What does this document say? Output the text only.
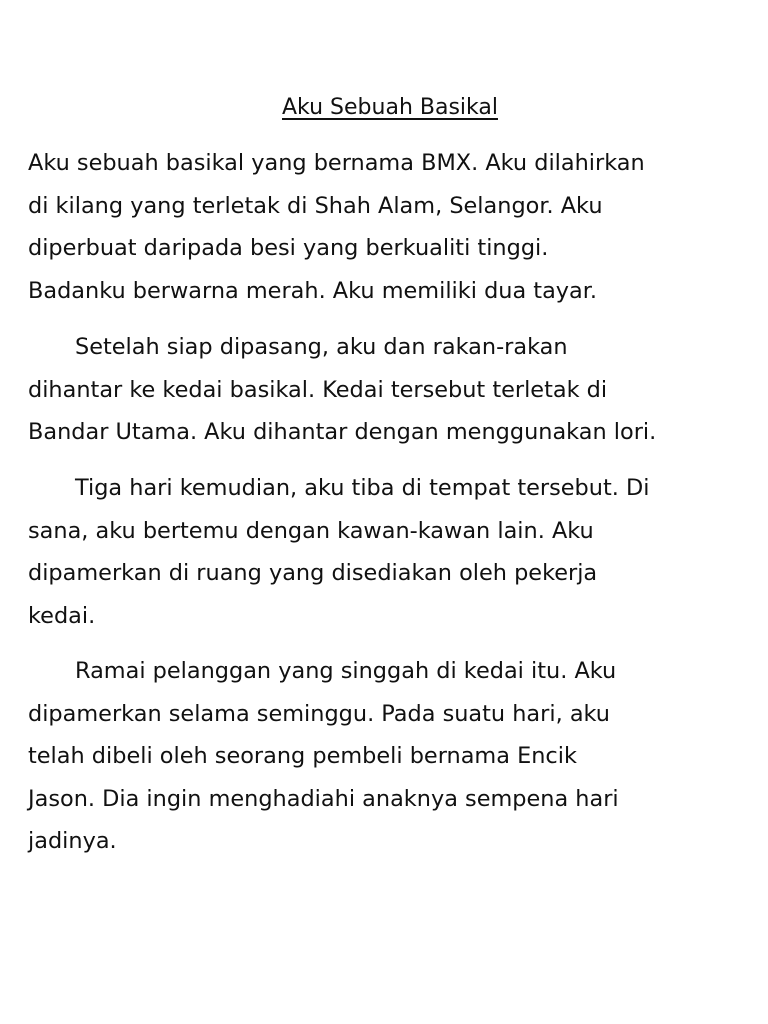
Aku Sebuah Basikal
Aku sebuah basikal yang bernama BMX. Aku dilahirkan
di kilang yang terletak di Shah Alam, Selangor. Aku
diperbuat daripada besi yang berkualiti tinggi.
Badanku berwarna merah. Aku memiliki dua tayar.
Setelah siap dipasang, aku dan rakan-rakan
dihantar ke kedai basikal. Kedai tersebut terletak di
Bandar Utama. Aku dihantar dengan menggunakan lori.
Tiga hari kemudian, aku tiba di tempat tersebut. Di
sana, aku bertemu dengan kawan-kawan lain. Aku
dipamerkan di ruang yang disediakan oleh pekerja
kedai.
Ramai pelanggan yang singgah di kedai itu. Aku
dipamerkan selama seminggu. Pada suatu hari, aku
telah dibeli oleh seorang pembeli bernama Encik
Jason. Dia ingin menghadiahi anaknya sempena hari
jadinya.
